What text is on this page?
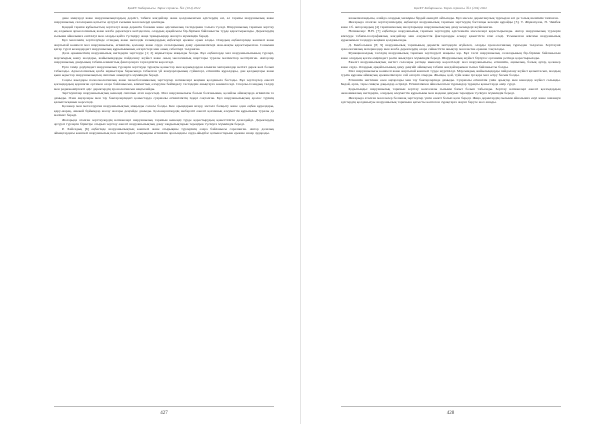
ҚазҰУ Хабаршысы. Тарих сериясы. №1 (104) 2022

дәне меңгерді және шаруашылықтардың дерлігі, табиғи жағдайлар және қолданылатын әдістердің өзі, ал тарихы шаруашылық және шаруашылық салаларына қатысты әртүрлі ғылыми мәселелерді қамтиды.

Қандай тарихи құбылыстың зерттелуі жаңа деректік базамен және әдіснамалық тәсілдермен толыға түседі. Шаруашылық тарихын зерттеу ең алдымен археологиялық және жазба деректерге негізделген, олардың әрқайсысы бір-бірімен байланысты түрде қарастырылады. Деректердің ғылыми айналымға енгізілуі мен оларды қайта түсіндіру жаңа тұжырымдар жасауға мүмкіндік береді.

Бұл мәселенің зерттелуінде отандық және шетелдік ғалымдардың еңбектері ерекше орын алады. Олардың еңбектерінде көшпелі және жартылай көшпелі мал шаруашылығы, егіншілік, қолөнер және сауда салаларының даму ерекшеліктері жан-жақты қарастырылған. Сонымен қатар түрлі кезеңдердегі шаруашылық құрылымының өзгерістері мен оның себептері талданған.

Дала өркениетінің шаруашылық негіздерін зерттеуде [1; 2] жұмыстары маңызды болды. Бұл еңбектерде мал шаруашылығының түрлері, маусымдық көшу жолдары, жайылымдарды пайдалану жүйесі және оның экологиялық шарттары туралы мәліметтер келтірілген. Авторлар шаруашылық дамуының табиғи-климаттық факторларға тәуелділігін көрсетеді.

Ерте темір дәуіріндегі шаруашылық түрлерін зерттеуде тұрақты қоныстар мен қорымдардан алынған материалдар негізгі дерек көзі болып табылады. Археологиялық қазба жұмыстары барысында табылған үй жануарларының сүйектері, егіншілік құралдары, дән қалдықтары және қыш ыдыстар шаруашылықтың сипатын анықтауға мүмкіндік береді.

Соңғы жылдары палеоэкологиялық және палеоботаникалық зерттеулер нәтижелері кеңінен қолданыла бастады. Бұл зерттеулер ежелгі қоғамдардың қоршаған ортамен өзара байланысын, климаттың өзгеруіне бейімделу тәсілдерін анықтауға көмектеседі. Спорлы-тозаңдық талдау мен радиокөміртекті әдіс деректердің хронологиясын нақтылайды.

Зерттеушілер шаруашылықтың кешенді сипатын атап көрсетеді. Мал шаруашылығы басым болғанымен, қолайлы аймақтарда егіншілік те дамыды. Өзен аңғарлары мен тау бөктерлеріндегі қоныстарда суармалы егіншіліктің іздері сақталған. Бұл шаруашылықтың аралас түрінің қалыптасқанын көрсетеді.

Қолөнер мен металлургия шаруашылықтың маңызды саласы болды. Кен орындарын игеру, металл балқыту және одан еңбек құралдары, қару-жарақ, әшекей бұйымдар жасау жоғары деңгейде дамыды. Қолөнершілердің шеберлігі ежелгі қоғамның әлеуметтік құрылымы туралы да мәлімет береді.

Жоғарыда аталған зерттеулердің нәтижелері шаруашылық тарихын кешенді түрде қарастырудың қажеттілігін дәлелдейді. Деректердің әртүрлі түрлерін біріктіре отырып зерттеу ежелгі шаруашылықтың даму заңдылықтарын тереңірек түсінуге мүмкіндік береді.

Р. Хайсадық [6] еңбегінде шаруашылықтың көшпелі және отырықшы түрлерінің өзара байланысы сараланған. Автор далалық аймақтардағы көшпелі шаруашылық пен оазистердегі отырықшы егіншілік арасындағы сауда-айырбас қатынастарына ерекше назар аударады.

427
ҚазҰУ Хабаршысы. Тарих сериясы. №1 (104) 2022

жазылмағандығы, алайда олардың мазмұны бірдей екендігі айтылады. Бұл мәселе деректанулық тұрғыдан әлі де толық шешімін таппаған.

Жоғарыда аталған зерттеушілердің еңбектері шаруашылық тарихын зерттеудің бастапқы кезеңін құрайды [3]. Т. Жұмағұлов, Ә. Чинбек және т.б. авторлардың [4] тарихнамалық шолуларында шаруашылықтың даму кезеңдері жүйеленген.

Нәтижелер: Н.Н. [7] еңбегінде шаруашылық тарихын зерттеудің әдістемелік мәселелері қарастырылады. Автор шаруашылық түрлерін жіктеуде табиғи-географиялық жағдайлар мен әлеуметтік факторларды ескеру қажеттігін атап өтеді. Ұсынылған жіктеме шаруашылық құрылымын талдауда кеңінен қолданылады.

Д. Бекбосынов [8; 9] шаруашылық тарихының деректік негіздерін жүйелеп, оларды хронологиялық тұрғыдан талдаған. Зерттеуші археологиялық материалдар мен жазба деректердің өзара сәйкестігін анықтау мәселесіне ерекше тоқталады.

Функционалдық тәсілдің шаруашылық тарихын зерттеудегі маңызы зор. Бұл тәсіл шаруашылық салаларының бір-бірімен байланысын және олардың қоғам өміріндегі рөлін анықтауға мүмкіндік береді. Шаруашылық жүйесі біртұтас организм ретінде қарастырылады.

Ежелгі шаруашылықтың негізгі салалары ретінде мыналар көрсетіледі: мал шаруашылығы, егіншілік, аңшылық, балық аулау, қолөнер және сауда. Олардың әрқайсысының даму деңгейі аймақтың табиғи жағдайларымен тығыз байланысты болды.

Мал шаруашылығы көшпелі және жартылай көшпелі түрде жүргізілді. Маусымдық жайылымдарды пайдалану жүйесі қалыптасып, малдың түрлік құрамы аймақтық ерекшеліктерге сай өзгеріп отырды. Жылқы, қой, түйе және ірі қара мал өсіру басым болды.

Егіншілік негізінен өзен аңғарлары мен тау бөктерлерінде дамыды. Суармалы егіншілік үшін арықтар мен каналдар жүйесі салынды. Бидай, арпа, тары сияқты дақылдар өсірілді. Егіншілікпен айналысатын тұрғындар тұрақты қоныстарда өмір сүрді.

Қорытынды: шаруашылық тарихын зерттеу көпсалалы ғылыми бағыт болып табылады. Зерттеу нәтижелері ежелгі қоғамдардың экономикалық негіздерін, олардың әлеуметтік құрылымы мен мәдени дамуын тереңірек түсінуге мүмкіндік береді.

Жоғарыда аталған мәселелер болашақ зерттеулер үшін өзекті болып қала береді. Жаңа деректердің ғылыми айналымға енуі және заманауи әдістердің қолданылуы шаруашылық тарихына қатысты көптеген сұрақтарға жауап беруге жол ашады.

428
